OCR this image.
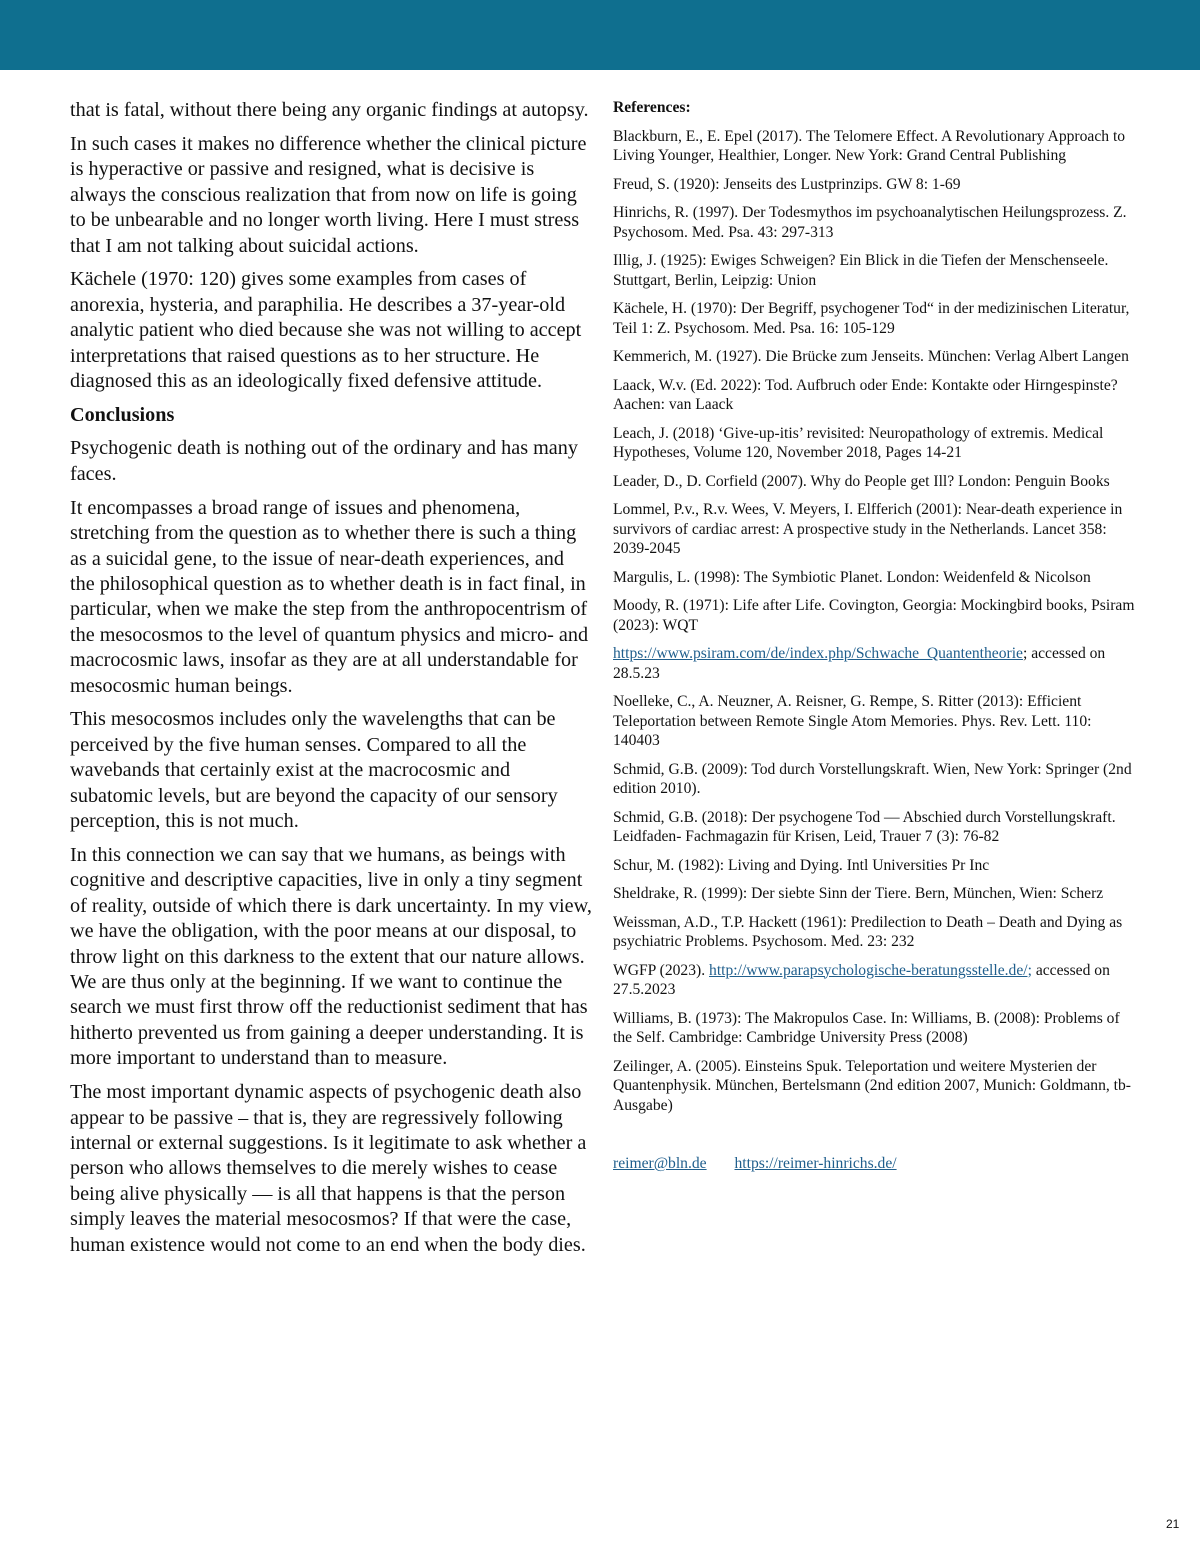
that is fatal, without there being any organic findings at autopsy.

In such cases it makes no difference whether the clinical picture is hyperactive or passive and resigned, what is decisive is always the conscious realization that from now on life is going to be unbearable and no longer worth living. Here I must stress that I am not talking about suicidal actions.

Kächele (1970: 120) gives some examples from cases of anorexia, hysteria, and paraphilia. He describes a 37-year-old analytic patient who died because she was not willing to accept interpretations that raised questions as to her structure. He diagnosed this as an ideologically fixed defensive attitude.

Conclusions

Psychogenic death is nothing out of the ordinary and has many faces.

It encompasses a broad range of issues and phenomena, stretching from the question as to whether there is such a thing as a suicidal gene, to the issue of near-death experiences, and the philosophical question as to whether death is in fact final, in particular, when we make the step from the anthropocentrism of the mesocosmos to the level of quantum physics and micro- and macrocosmic laws, insofar as they are at all understandable for mesocosmic human beings.

This mesocosmos includes only the wavelengths that can be perceived by the five human senses. Compared to all the wavebands that certainly exist at the macrocosmic and subatomic levels, but are beyond the capacity of our sensory perception, this is not much.

In this connection we can say that we humans, as beings with cognitive and descriptive capacities, live in only a tiny segment of reality, outside of which there is dark uncertainty. In my view, we have the obligation, with the poor means at our disposal, to throw light on this darkness to the extent that our nature allows. We are thus only at the beginning. If we want to continue the search we must first throw off the reductionist sediment that has hitherto prevented us from gaining a deeper understanding. It is more important to understand than to measure.

The most important dynamic aspects of psychogenic death also appear to be passive – that is, they are regressively following internal or external suggestions. Is it legitimate to ask whether a person who allows themselves to die merely wishes to cease being alive physically — is all that happens is that the person simply leaves the material mesocosmos? If that were the case, human existence would not come to an end when the body dies.

References:
Blackburn, E., E. Epel (2017). The Telomere Effect. A Revolutionary Approach to Living Younger, Healthier, Longer. New York: Grand Central Publishing
Freud, S. (1920): Jenseits des Lustprinzips. GW 8: 1-69
Hinrichs, R. (1997). Der Todesmythos im psychoanalytischen Heilungsprozess. Z. Psychosom. Med. Psa. 43: 297-313
Illig, J. (1925): Ewiges Schweigen? Ein Blick in die Tiefen der Menschenseele. Stuttgart, Berlin, Leipzig: Union
Kächele, H. (1970): Der Begriff, psychogener Tod“ in der medizinischen Literatur, Teil 1: Z. Psychosom. Med. Psa. 16: 105-129
Kemmerich, M. (1927). Die Brücke zum Jenseits. München: Verlag Albert Langen
Laack, W.v. (Ed. 2022): Tod. Aufbruch oder Ende: Kontakte oder Hirngespinste? Aachen: van Laack
Leach, J. (2018) ‘Give-up-itis’ revisited: Neuropathology of extremis. Medical Hypotheses, Volume 120, November 2018, Pages 14-21
Leader, D., D. Corfield (2007). Why do People get Ill? London: Penguin Books
Lommel, P.v., R.v. Wees, V. Meyers, I. Elfferich (2001): Near-death experience in survivors of cardiac arrest: A prospective study in the Netherlands. Lancet 358: 2039-2045
Margulis, L. (1998): The Symbiotic Planet. London: Weidenfeld & Nicolson
Moody, R. (1971): Life after Life. Covington, Georgia: Mockingbird books, Psiram (2023): WQT
https://www.psiram.com/de/index.php/Schwache_Quantentheorie; accessed on 28.5.23
Noelleke, C., A. Neuzner, A. Reisner, G. Rempe, S. Ritter (2013): Efficient Teleportation between Remote Single Atom Memories. Phys. Rev. Lett. 110: 140403
Schmid, G.B. (2009): Tod durch Vorstellungskraft. Wien, New York: Springer (2nd edition 2010).
Schmid, G.B. (2018): Der psychogene Tod — Abschied durch Vorstellungskraft. Leidfaden- Fachmagazin für Krisen, Leid, Trauer 7 (3): 76-82
Schur, M. (1982): Living and Dying. Intl Universities Pr Inc
Sheldrake, R. (1999): Der siebte Sinn der Tiere. Bern, München, Wien: Scherz
Weissman, A.D., T.P. Hackett (1961): Predilection to Death – Death and Dying as psychiatric Problems. Psychosom. Med. 23: 232
WGFP (2023). http://www.parapsychologische-beratungsstelle.de/; accessed on 27.5.2023
Williams, B. (1973): The Makropulos Case. In: Williams, B. (2008): Problems of the Self. Cambridge: Cambridge University Press (2008)
Zeilinger, A. (2005). Einsteins Spuk. Teleportation und weitere Mysterien der Quantenphysik. München, Bertelsmann (2nd edition 2007, Munich: Goldmann, tb-Ausgabe)
reimer@bln.de https://reimer-hinrichs.de/
21
